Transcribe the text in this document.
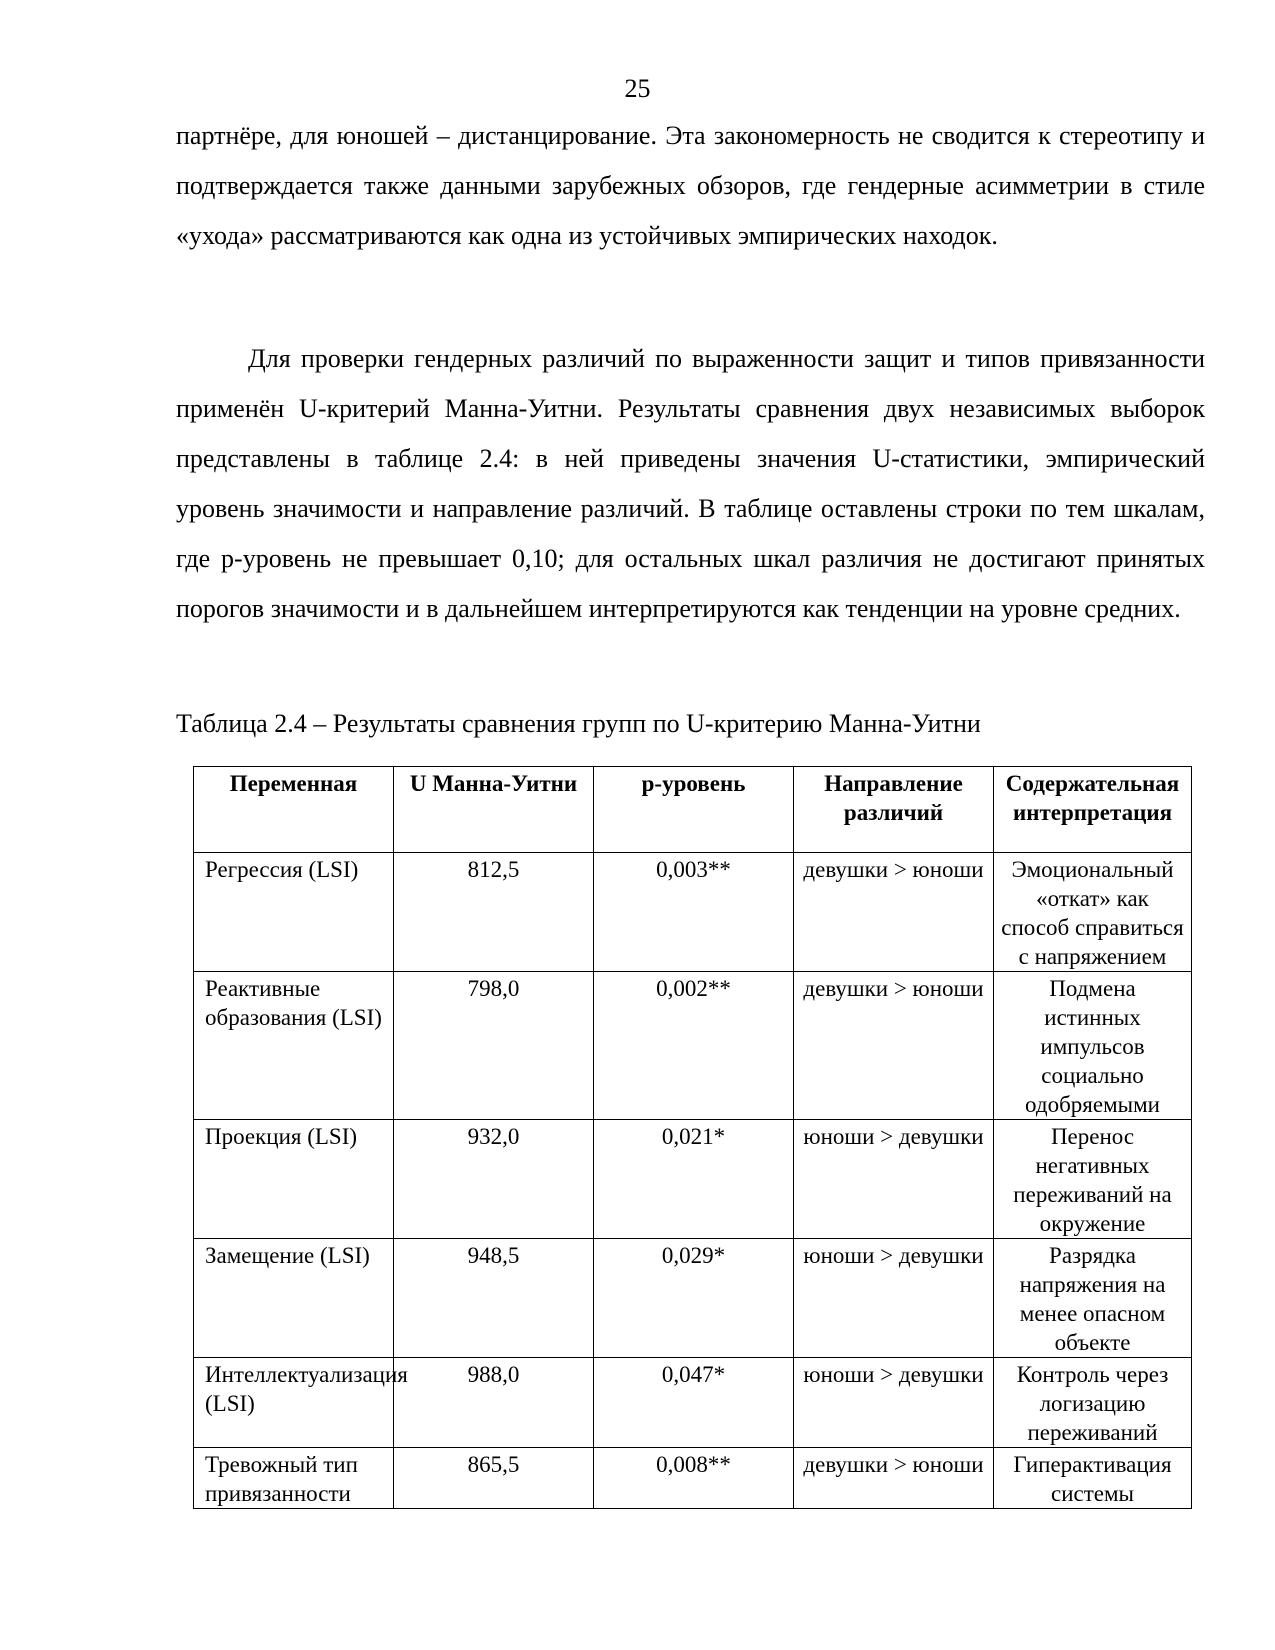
25

партнёре, для юношей – дистанцирование. Эта закономерность не сводится к стереотипу и подтверждается также данными зарубежных обзоров, где гендерные асимметрии в стиле «ухода» рассматриваются как одна из устойчивых эмпирических находок.

Для проверки гендерных различий по выраженности защит и типов привязанности применён U-критерий Манна-Уитни. Результаты сравнения двух независимых выборок представлены в таблице 2.4: в ней приведены значения U-статистики, эмпирический уровень значимости и направление различий. В таблице оставлены строки по тем шкалам, где p-уровень не превышает 0,10; для остальных шкал различия не достигают принятых порогов значимости и в дальнейшем интерпретируются как тенденции на уровне средних.

Таблица 2.4 – Результаты сравнения групп по U-критерию Манна-Уитни

Переменная	U Манна-Уитни	p-уровень	Направление различий	Содержательная интерпретация
Регрессия (LSI)	812,5	0,003**	девушки > юноши	Эмоциональный «откат» как способ справиться с напряжением
Реактивные образования (LSI)	798,0	0,002**	девушки > юноши	Подмена истинных импульсов социально одобряемыми
Проекция (LSI)	932,0	0,021*	юноши > девушки	Перенос негативных переживаний на окружение
Замещение (LSI)	948,5	0,029*	юноши > девушки	Разрядка напряжения на менее опасном объекте
Интеллектуализация (LSI)	988,0	0,047*	юноши > девушки	Контроль через логизацию переживаний
Тревожный тип привязанности	865,5	0,008**	девушки > юноши	Гиперактивация системы
